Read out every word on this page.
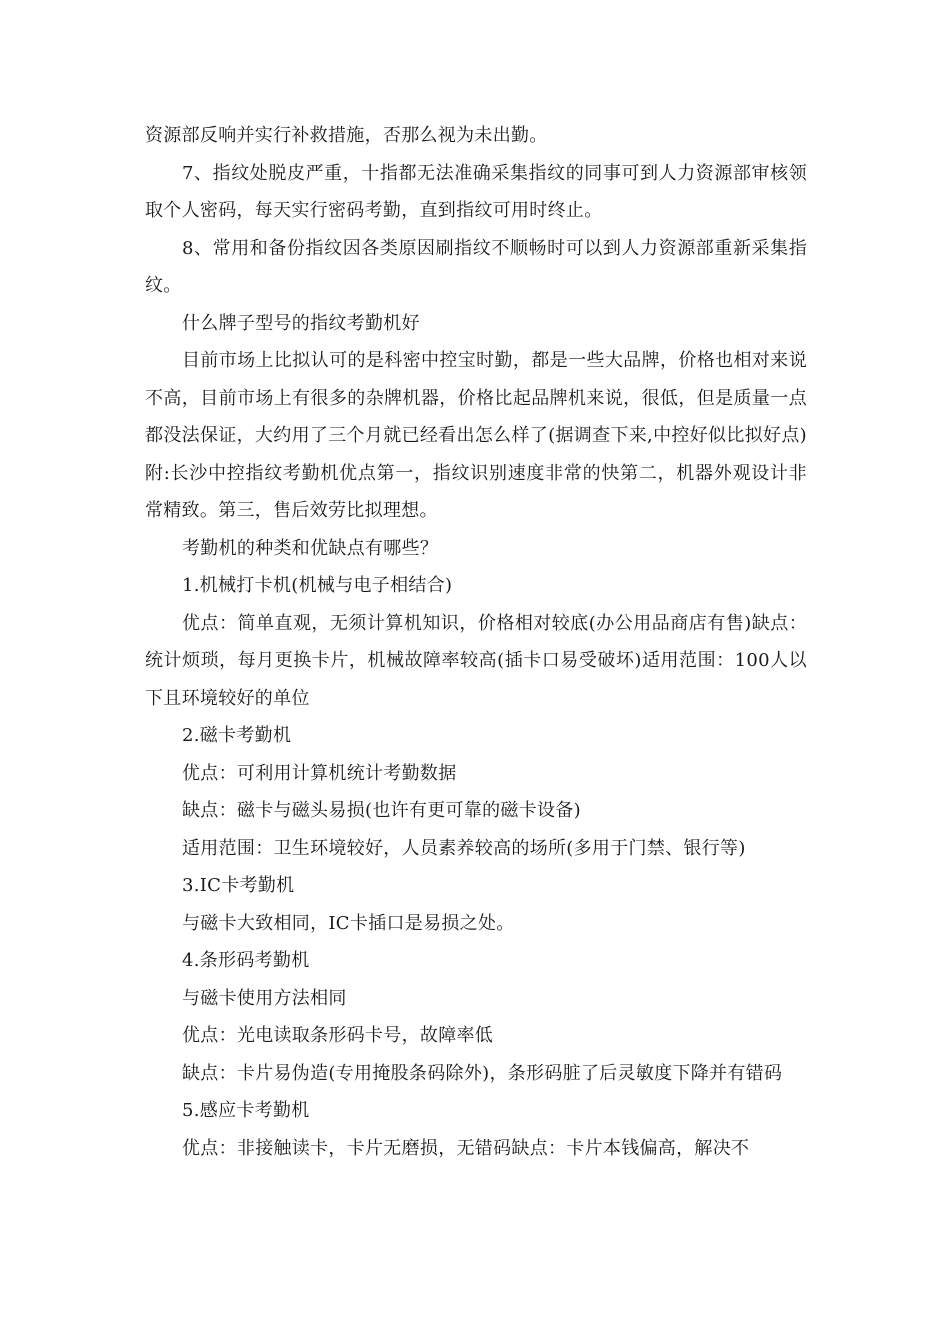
资源部反响并实行补救措施，否那么视为未出勤。

7、指纹处脱皮严重，十指都无法准确采集指纹的同事可到人力资源部审核领取个人密码，每天实行密码考勤，直到指纹可用时终止。

8、常用和备份指纹因各类原因刷指纹不顺畅时可以到人力资源部重新采集指纹。

什么牌子型号的指纹考勤机好

目前市场上比拟认可的是科密中控宝时勤，都是一些大品牌，价格也相对来说不高，目前市场上有很多的杂牌机器，价格比起品牌机来说，很低，但是质量一点都没法保证，大约用了三个月就已经看出怎么样了(据调查下来,中控好似比拟好点)附:长沙中控指纹考勤机优点第一，指纹识别速度非常的快第二，机器外观设计非常精致。第三，售后效劳比拟理想。

考勤机的种类和优缺点有哪些？

1.机械打卡机(机械与电子相结合)

优点：简单直观，无须计算机知识，价格相对较底(办公用品商店有售)缺点：统计烦琐，每月更换卡片，机械故障率较高(插卡口易受破坏)适用范围：100人以下且环境较好的单位

2.磁卡考勤机

优点：可利用计算机统计考勤数据

缺点：磁卡与磁头易损(也许有更可靠的磁卡设备)

适用范围：卫生环境较好，人员素养较高的场所(多用于门禁、银行等)

3.IC卡考勤机

与磁卡大致相同，IC卡插口是易损之处。

4.条形码考勤机

与磁卡使用方法相同

优点：光电读取条形码卡号，故障率低

缺点：卡片易伪造(专用掩股条码除外)，条形码脏了后灵敏度下降并有错码

5.感应卡考勤机

优点：非接触读卡，卡片无磨损，无错码缺点：卡片本钱偏高，解决不
